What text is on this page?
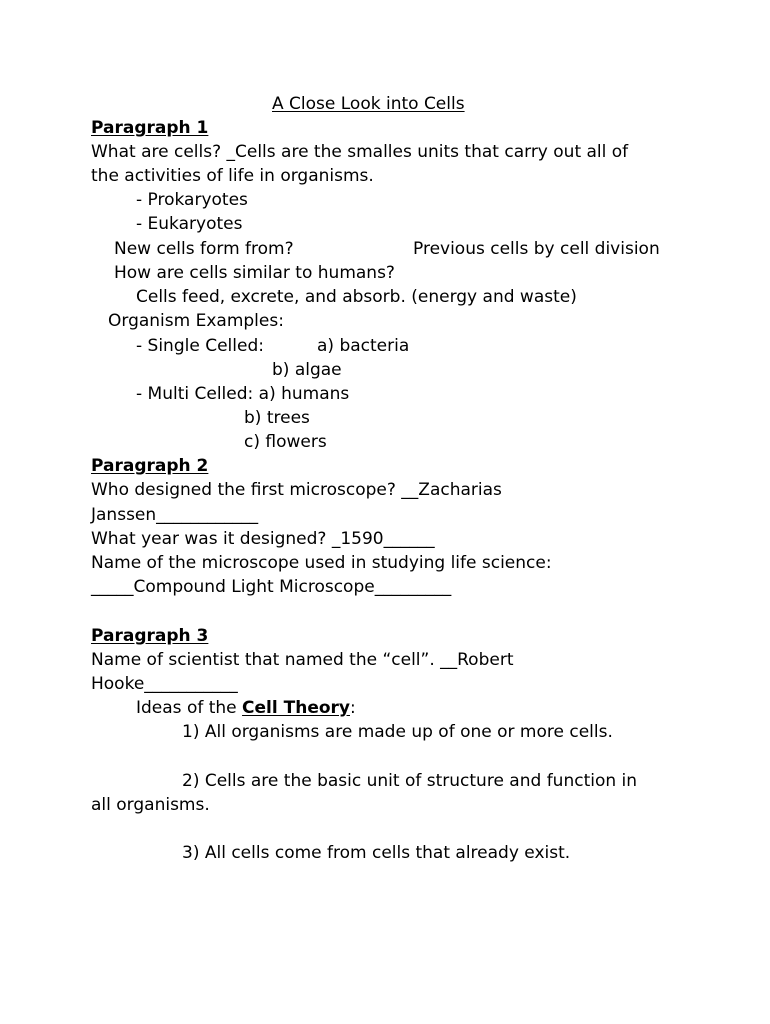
A Close Look into Cells
Paragraph 1
What are cells? _Cells are the smalles units that carry out all of
the activities of life in organisms.
- Prokaryotes
- Eukaryotes
New cells form from?	Previous cells by cell division
How are cells similar to humans?
Cells feed, excrete, and absorb. (energy and waste)
Organism Examples:
- Single Celled:	a) bacteria
b) algae
- Multi Celled: a) humans
b) trees
c) flowers
Paragraph 2
Who designed the first microscope? __Zacharias
Janssen____________
What year was it designed? _1590______
Name of the microscope used in studying life science:
_____Compound Light Microscope_________
Paragraph 3
Name of scientist that named the “cell”. __Robert
Hooke___________
Ideas of the Cell Theory:
1) All organisms are made up of one or more cells.
2) Cells are the basic unit of structure and function in
all organisms.
3) All cells come from cells that already exist.
